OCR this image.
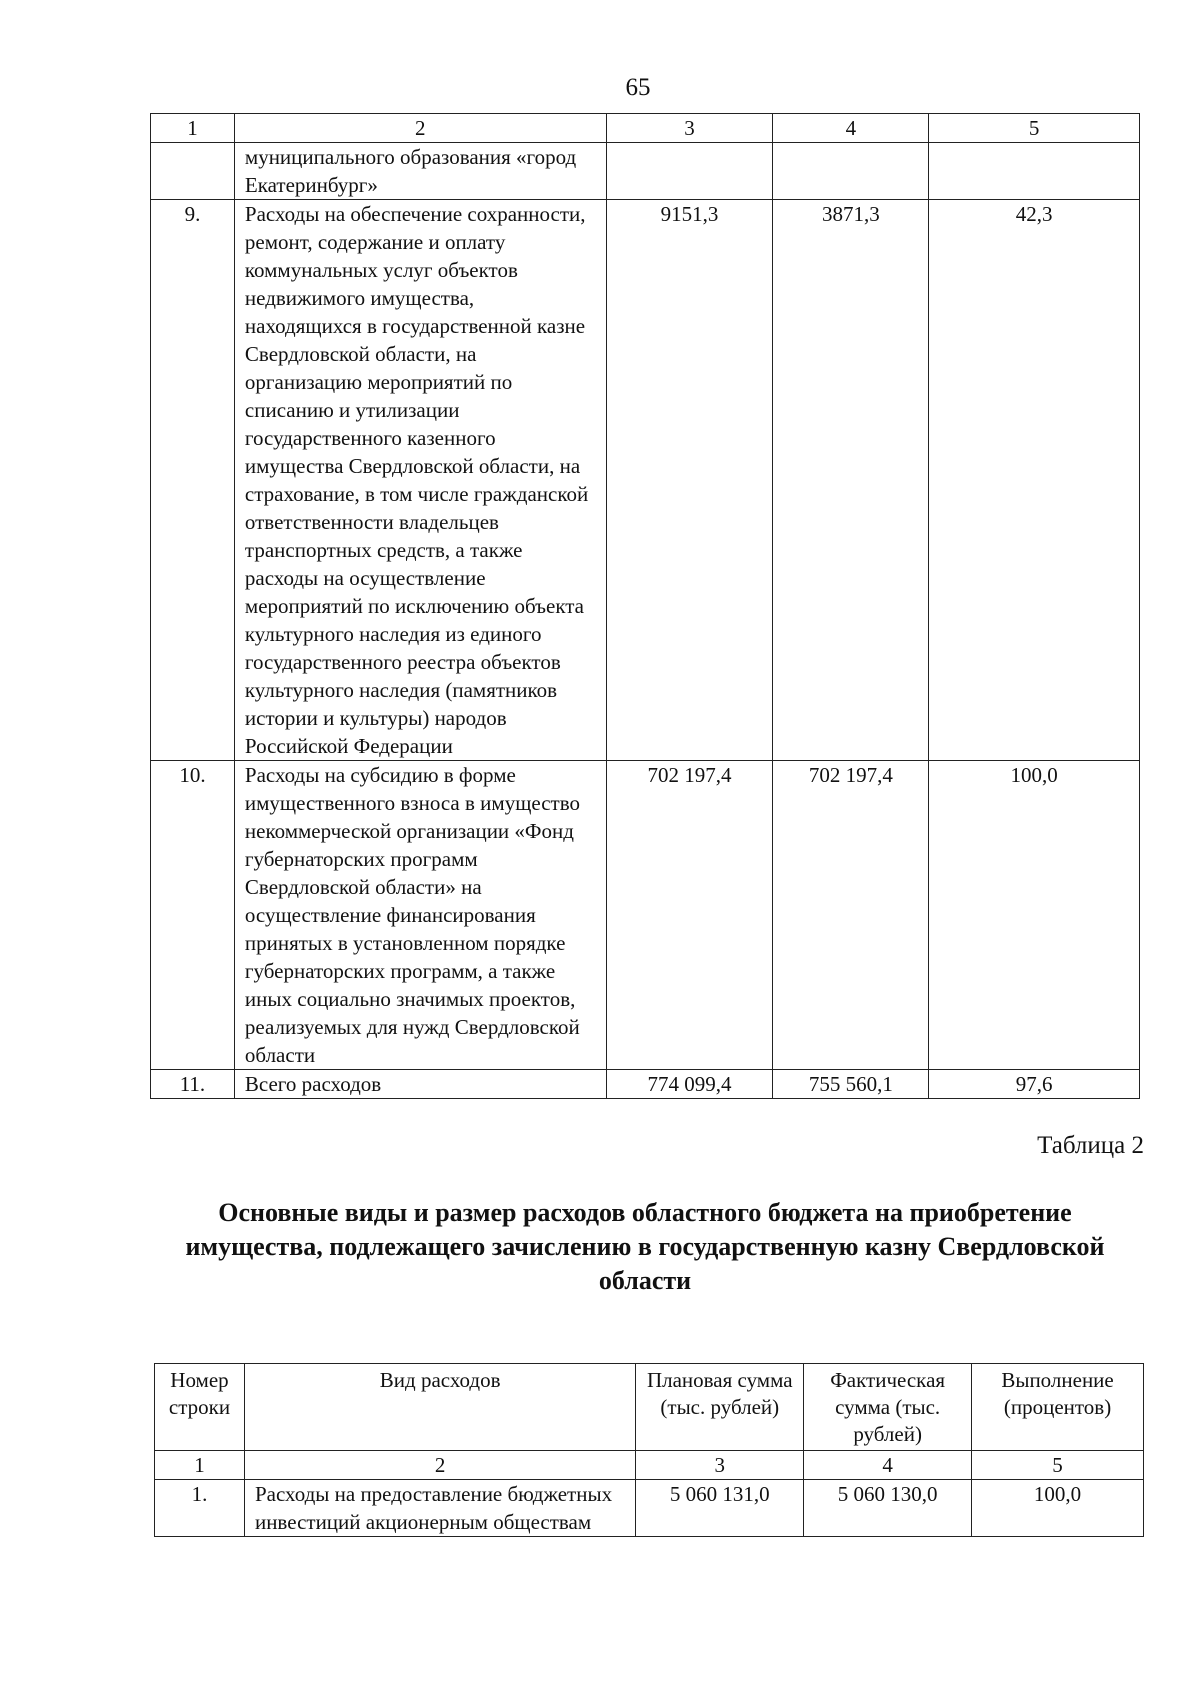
65
1	2	3	4	5
	муниципального образования «город Екатеринбург»			
9.	Расходы на обеспечение сохранности, ремонт, содержание и оплату коммунальных услуг объектов недвижимого имущества, находящихся в государственной казне Свердловской области, на организацию мероприятий по списанию и утилизации государственного казенного имущества Свердловской области, на страхование, в том числе гражданской ответственности владельцев транспортных средств, а также расходы на осуществление мероприятий по исключению объекта культурного наследия из единого государственного реестра объектов культурного наследия (памятников истории и культуры) народов Российской Федерации	9151,3	3871,3	42,3
10.	Расходы на субсидию в форме имущественного взноса в имущество некоммерческой организации «Фонд губернаторских программ Свердловской области» на осуществление финансирования принятых в установленном порядке губернаторских программ, а также иных социально значимых проектов, реализуемых для нужд Свердловской области	702 197,4	702 197,4	100,0
11.	Всего расходов	774 099,4	755 560,1	97,6
Таблица 2
Основные виды и размер расходов областного бюджета на приобретение имущества, подлежащего зачислению в государственную казну Свердловской области
Номер строки	Вид расходов	Плановая сумма (тыс. рублей)	Фактическая сумма (тыс. рублей)	Выполнение (процентов)
1	2	3	4	5
1.	Расходы на предоставление бюджетных инвестиций акционерным обществам	5 060 131,0	5 060 130,0	100,0
